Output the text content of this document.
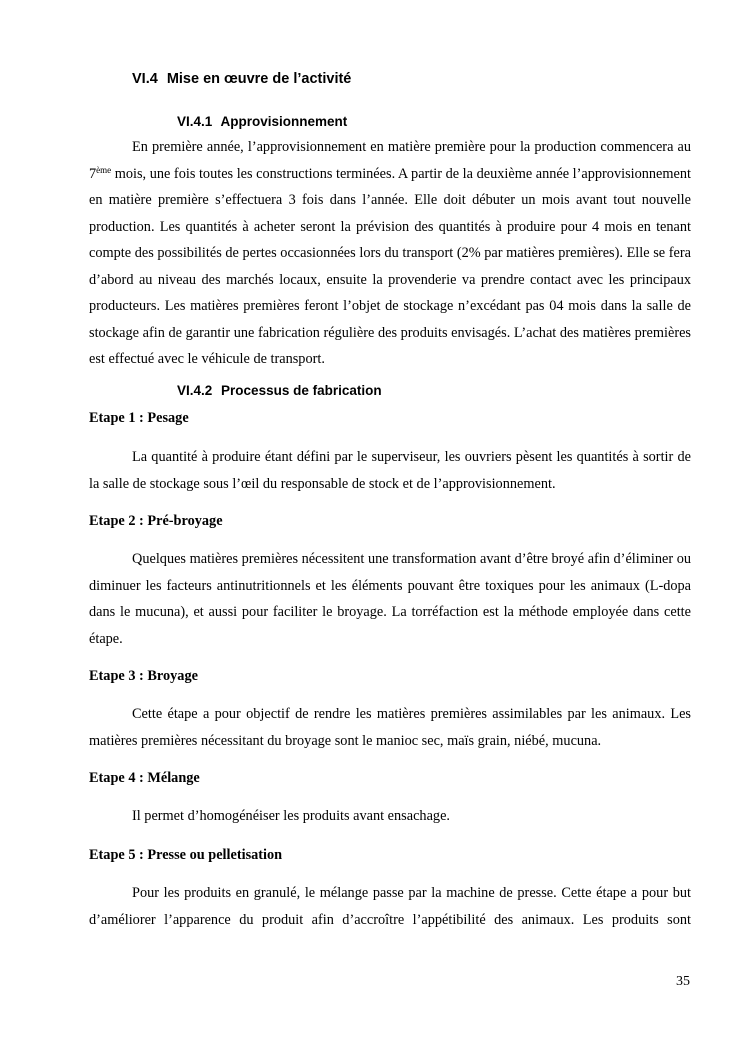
VI.4 Mise en œuvre de l’activité
VI.4.1 Approvisionnement

En première année, l’approvisionnement en matière première pour la production commencera au 7ème mois, une fois toutes les constructions terminées. A partir de la deuxième année l’approvisionnement en matière première s’effectuera 3 fois dans l’année. Elle doit débuter un mois avant tout nouvelle production. Les quantités à acheter seront la prévision des quantités à produire pour 4 mois en tenant compte des possibilités de pertes occasionnées lors du transport (2% par matières premières). Elle se fera d’abord au niveau des marchés locaux, ensuite la provenderie va prendre contact avec les principaux producteurs. Les matières premières feront l’objet de stockage n’excédant pas 04 mois dans la salle de stockage afin de garantir une fabrication régulière des produits envisagés. L’achat des matières premières est effectué avec le véhicule de transport.

VI.4.2 Processus de fabrication
Etape 1 : Pesage

La quantité à produire étant défini par le superviseur, les ouvriers pèsent les quantités à sortir de la salle de stockage sous l’œil du responsable de stock et de l’approvisionnement.

Etape 2 : Pré-broyage

Quelques matières premières nécessitent une transformation avant d’être broyé afin d’éliminer ou diminuer les facteurs antinutritionnels et les éléments pouvant être toxiques pour les animaux (L-dopa dans le mucuna), et aussi pour faciliter le broyage. La torréfaction est la méthode employée dans cette étape.

Etape 3 : Broyage

Cette étape a pour objectif de rendre les matières premières assimilables par les animaux. Les matières premières nécessitant du broyage sont le manioc sec, maïs grain, niébé, mucuna.

Etape 4 : Mélange

Il permet d’homogénéiser les produits avant ensachage.

Etape 5 : Presse ou pelletisation

Pour les produits en granulé, le mélange passe par la machine de presse. Cette étape a pour but d’améliorer l’apparence du produit afin d’accroître l’appétibilité des animaux. Les produits sont

35
